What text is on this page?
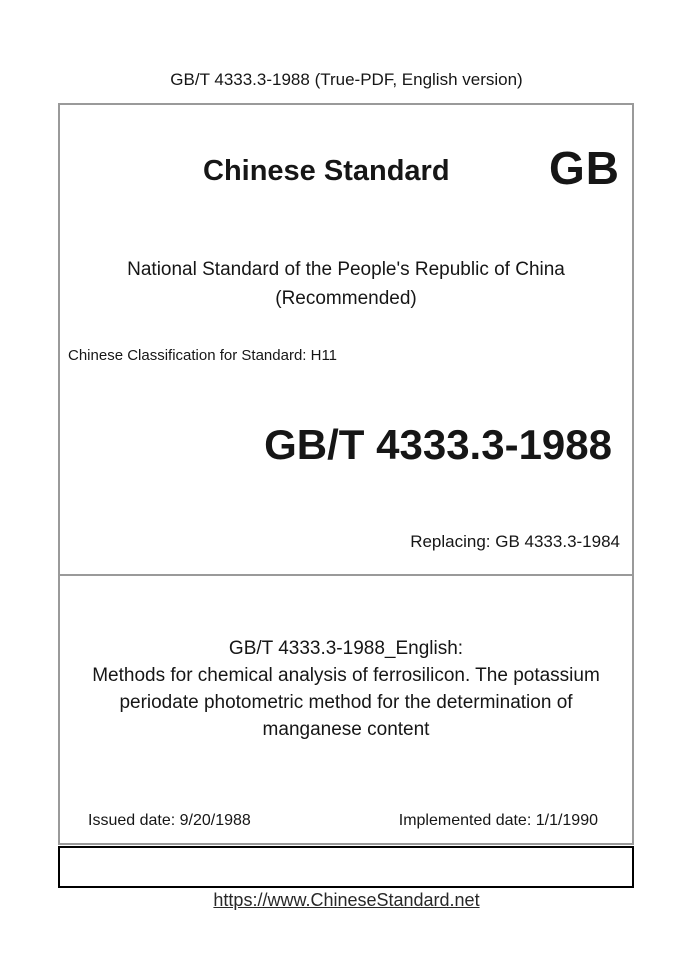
GB/T 4333.3-1988 (True-PDF, English version)
Chinese Standard GB
National Standard of the People's Republic of China
(Recommended)
Chinese Classification for Standard: H11
GB/T 4333.3-1988
Replacing: GB 4333.3-1984
GB/T 4333.3-1988_English:
Methods for chemical analysis of ferrosilicon. The potassium
periodate photometric method for the determination of
manganese content
Issued date: 9/20/1988	Implemented date: 1/1/1990
https://www.ChineseStandard.net
